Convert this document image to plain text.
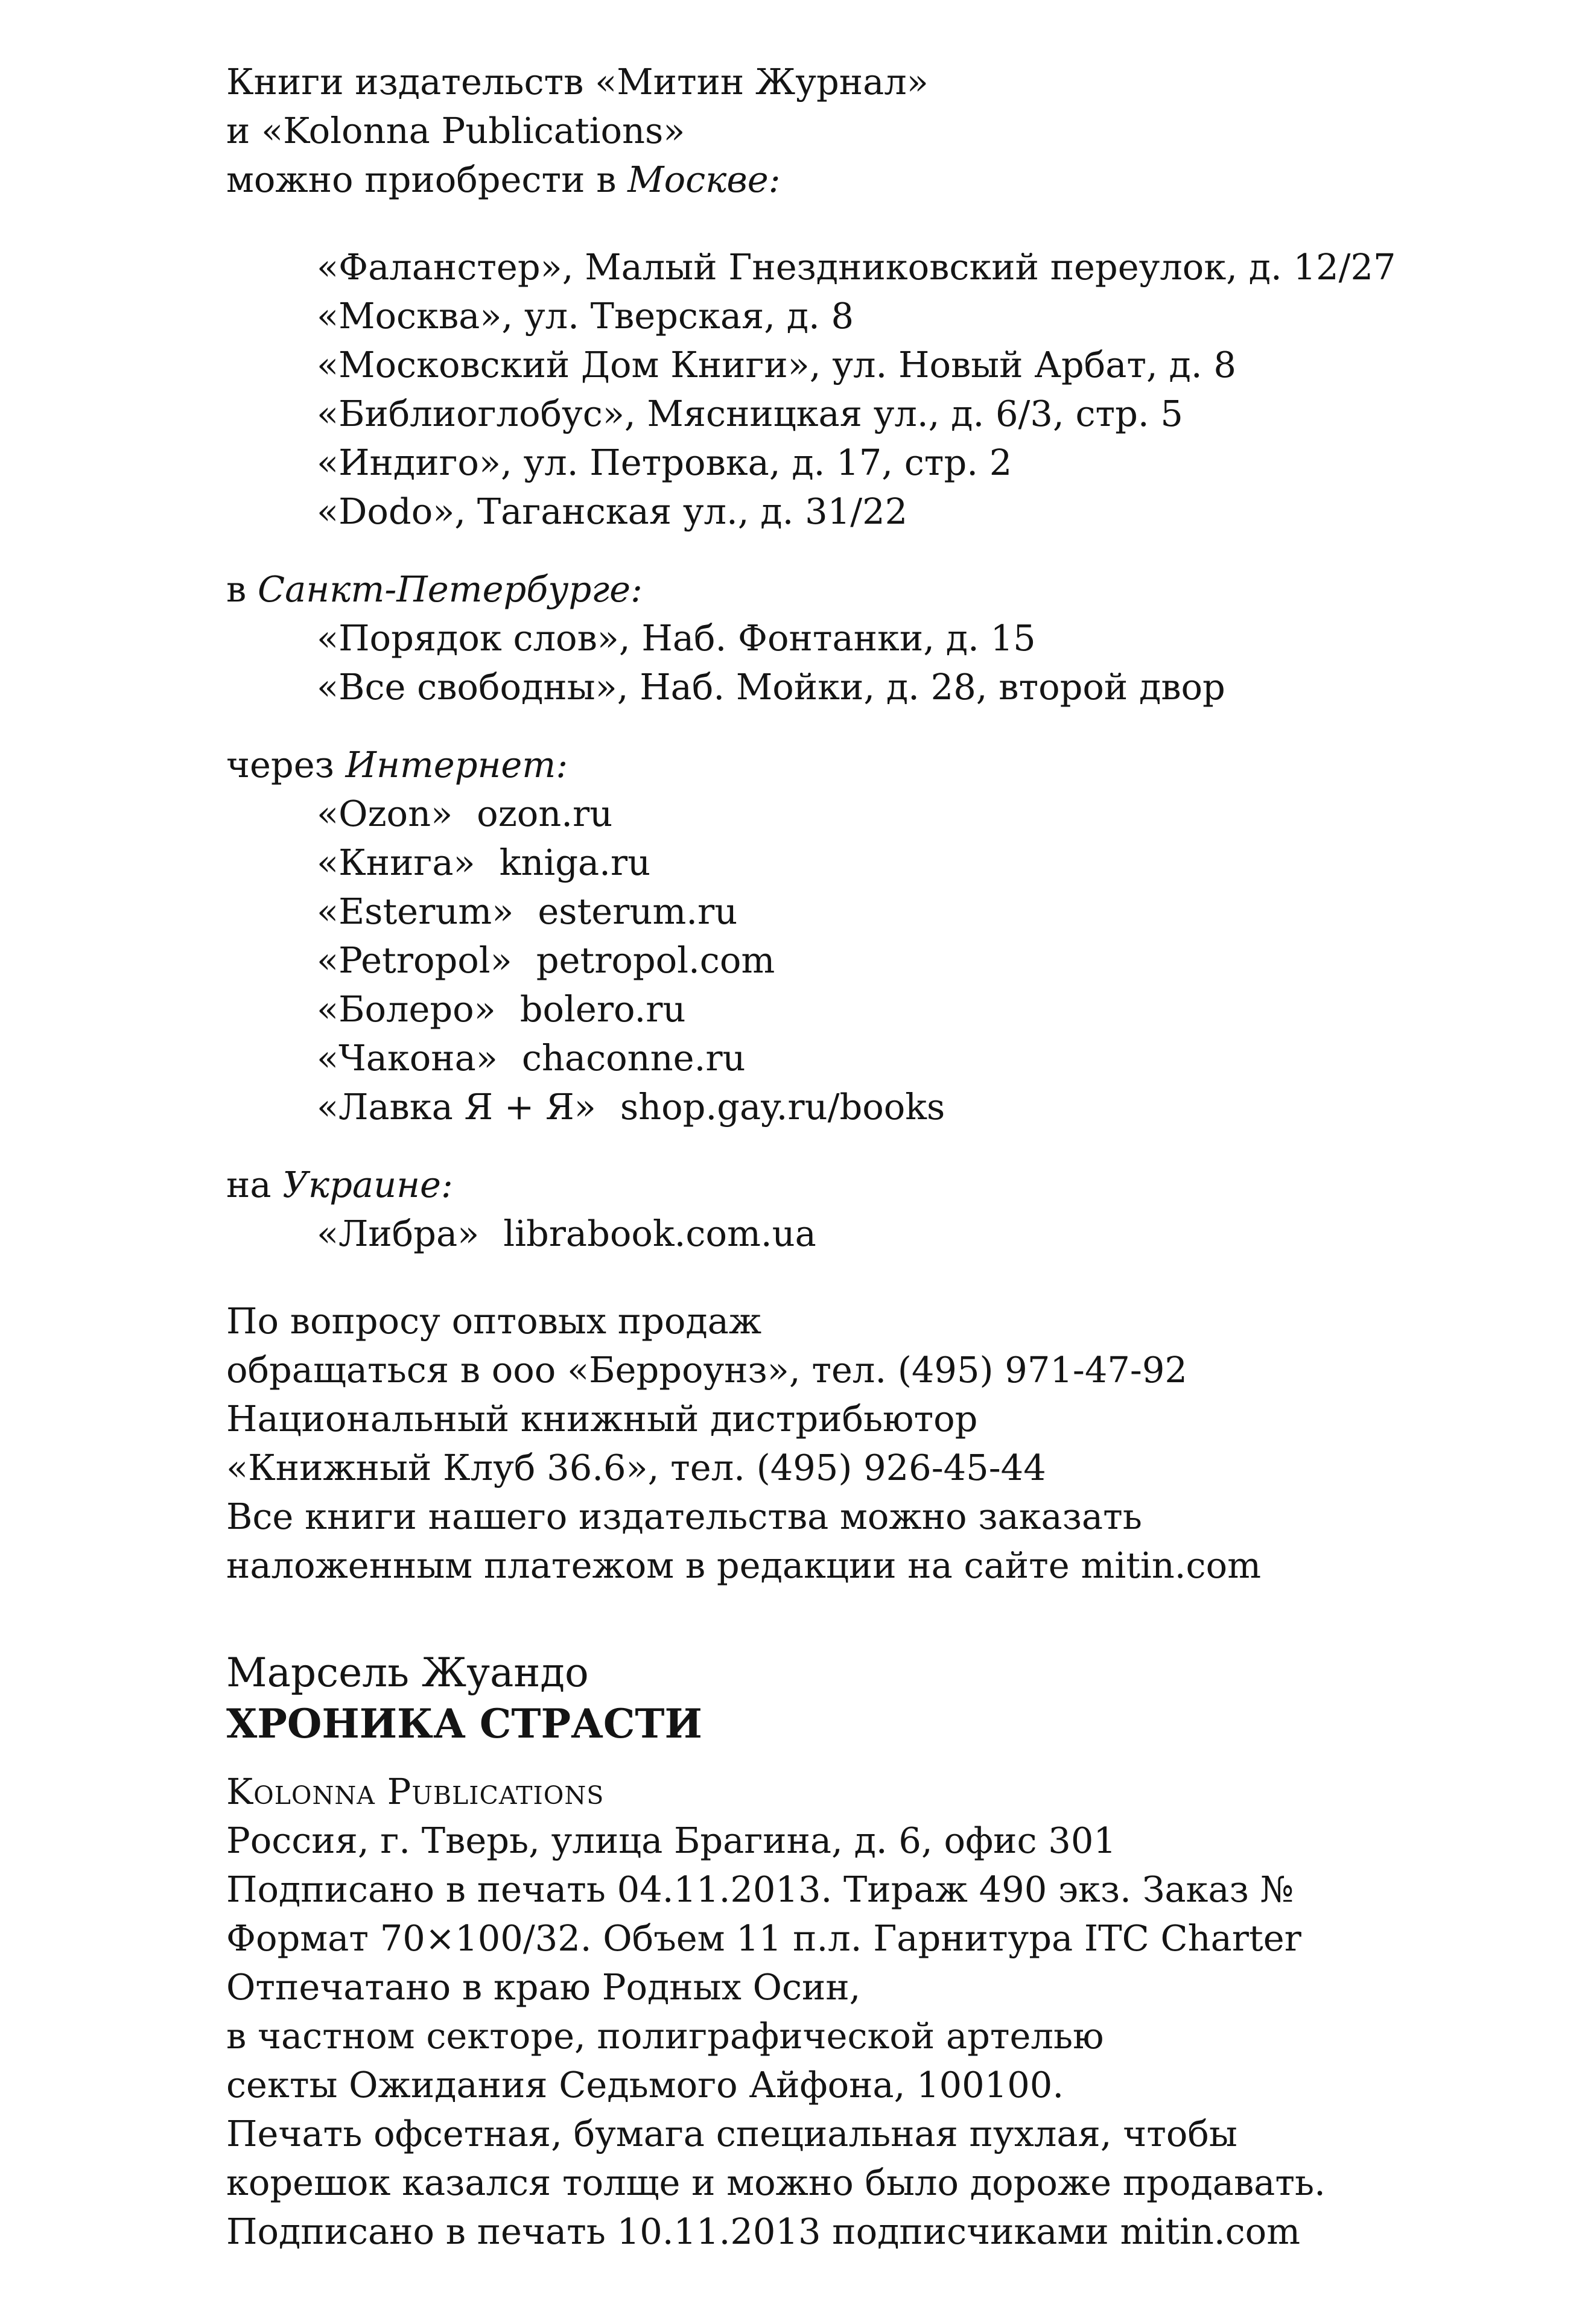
Книги издательств «Митин Журнал»
и «Kolonna Publications»
можно приобрести в Москве:
«Фаланстер», Малый Гнездниковский переулок, д. 12/27
«Москва», ул. Тверская, д. 8
«Московский Дом Книги», ул. Новый Арбат, д. 8
«Библиоглобус», Мясницкая ул., д. 6/3, стр. 5
«Индиго», ул. Петровка, д. 17, стр. 2
«Dodo», Таганская ул., д. 31/22
в Санкт-Петербурге:
«Порядок слов», Наб. Фонтанки, д. 15
«Все свободны», Наб. Мойки, д. 28, второй двор
через Интернет:
«Ozon» ozon.ru
«Книга» kniga.ru
«Esterum» esterum.ru
«Petropol» petropol.com
«Болеро» bolero.ru
«Чакона» chaconne.ru
«Лавка Я + Я» shop.gay.ru/books
на Украине:
«Либра» librabook.com.ua
По вопросу оптовых продаж
обращаться в ооо «Берроунз», тел. (495) 971-47-92
Национальный книжный дистрибьютор
«Книжный Клуб 36.6», тел. (495) 926-45-44
Все книги нашего издательства можно заказать
наложенным платежом в редакции на сайте mitin.com
Марсель Жуандо
ХРОНИКА СТРАСТИ
Kolonna Publications
Россия, г. Тверь, улица Брагина, д. 6, офис 301
Подписано в печать 04.11.2013. Тираж 490 экз. Заказ №
Формат 70×100/32. Объем 11 п.л. Гарнитура ITC Charter
Отпечатано в краю Родных Осин,
в частном секторе, полиграфической артелью
секты Ожидания Седьмого Айфона, 100100.
Печать офсетная, бумага специальная пухлая, чтобы
корешок казался толще и можно было дороже продавать.
Подписано в печать 10.11.2013 подписчиками mitin.com
